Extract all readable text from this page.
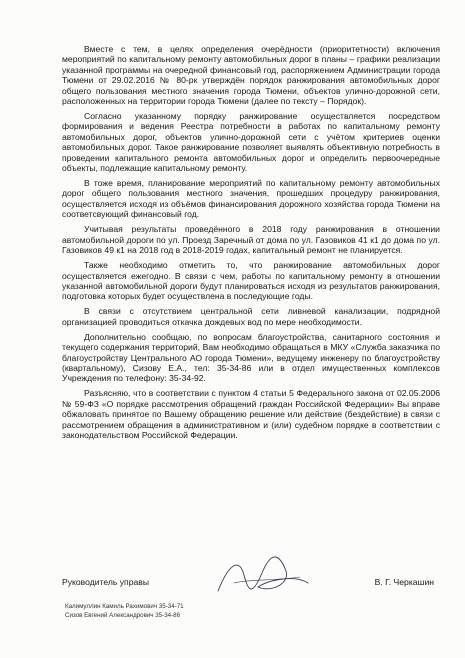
Вместе с тем, в целях определения очерёдности (приоритетности) включения мероприятий по капитальному ремонту автомобильных дорог в планы – графики реализации указанной программы на очередной финансовый год, распоряжением Администрации города Тюмени от 29.02.2016 № 80-рк утверждён порядок ранжирования автомобильных дорог общего пользования местного значения города Тюмени, объектов улично-дорожной сети, расположенных на территории города Тюмени (далее по тексту – Порядок).

Согласно указанному порядку ранжирование осуществляется посредством формирования и ведения Реестра потребности в работах по капитальному ремонту автомобильных дорог, объектов улично-дорожной сети с учётом критериев оценки автомобильных дорог. Такое ранжирование позволяет выявлять объективную потребность в проведении капитального ремонта автомобильных дорог и определить первоочередные объекты, подлежащие капитальному ремонту.

В тоже время, планирование мероприятий по капитальному ремонту автомобильных дорог общего пользования местного значения, прошедших процедуру ранжирования, осуществляется исходя из объёмов финансирования дорожного хозяйства города Тюмени на соответсвующий финансовый год.

Учитывая результаты проведённого в 2018 году ранжирования в отношении автомобильной дороги по ул. Проезд Заречный от дома по ул. Газовиков 41 к1 до дома по ул. Газовиков 49 к1 на 2018 год в 2018-2019 годах, капитальный ремонт не планируется.

Также необходимо отметить то, что ранжирование автомобильных дорог осуществляется ежегодно. В связи с чем, работы по капитальному ремонту в отношении указанной автомобильной дороги будут планироваться исходя из результатов ранжирования, подготовка которых будет осуществлена в последующие годы.

В связи с отсутствием центральной сети ливневой канализации, подрядной организацией проводиться откачка дождевых вод по мере необходимости.

Дополнительно сообщаю, по вопросам благоустройства, санитарного состояния и текущего содержания территорий, Вам необходимо обращаться в МКУ «Служба заказчика по благоустройству Центрального АО города Тюмени», ведущему инженеру по благоустройству (квартальному), Сизову Е.А., тел: 35-34-86 или в отдел имущественных комплексов Учреждения по телефону: 35-34-92.

Разъясняю, что в соответствии с пунктом 4 статьи 5 Федерального закона от 02.05.2006 № 59-ФЗ «О порядке рассмотрения обращений граждан Российской Федерации» Вы вправе обжаловать принятое по Вашему обращению решение или действие (бездействие) в связи с рассмотрением обращения в административном и (или) судебном порядке в соответствии с законодательством Российской Федерации.

Руководитель управы	В. Г. Черкашин
Калимуллин Камиль Рахимович 35-34-71
Сизов Евгений Александрович 35-34-86
